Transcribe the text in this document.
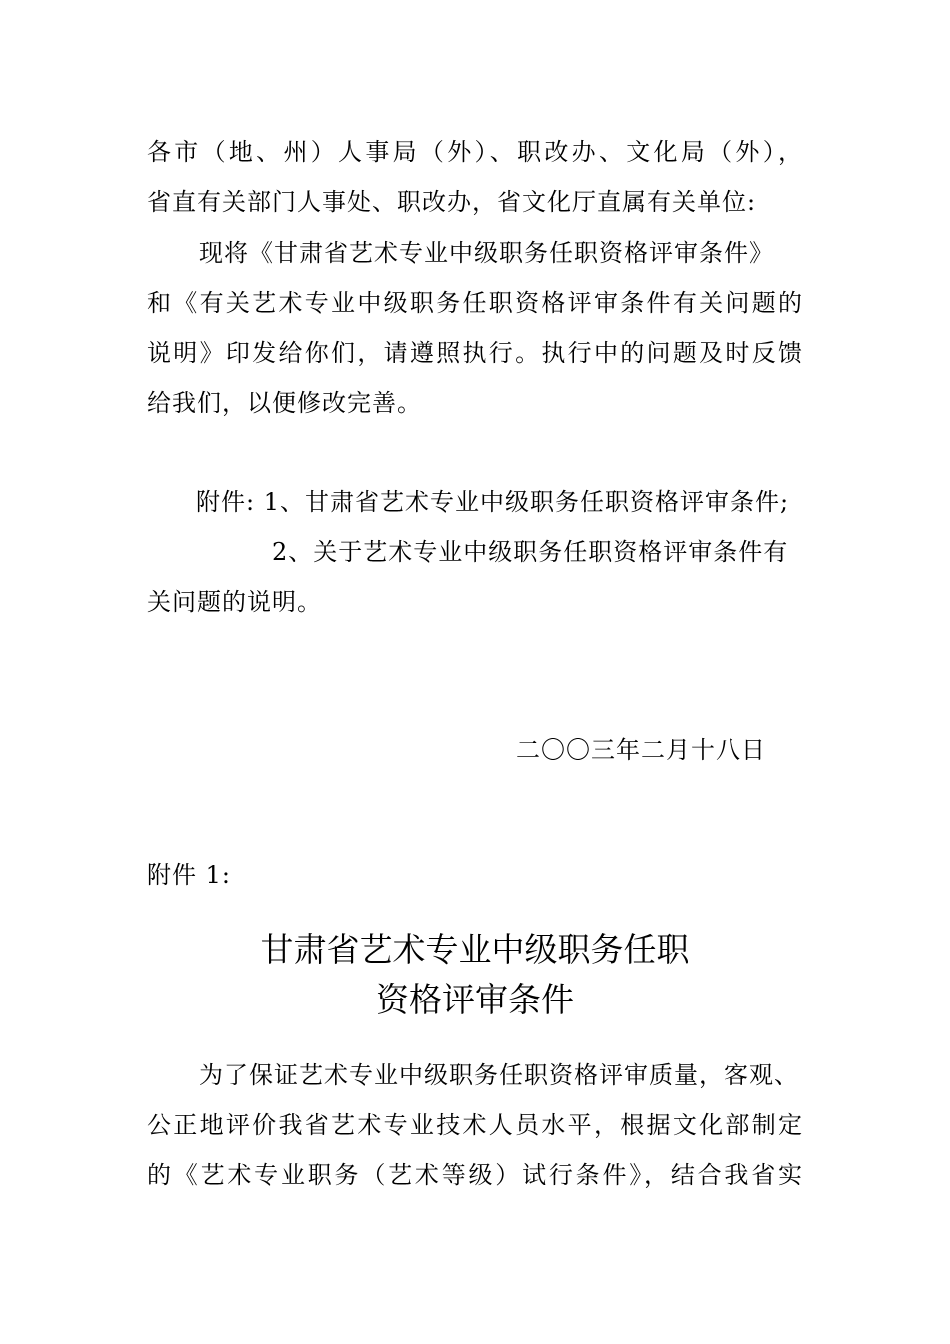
各市（地、州）人事局（外）、职改办、文化局（外），
省直有关部门人事处、职改办，省文化厅直属有关单位:
现将《甘肃省艺术专业中级职务任职资格评审条件》
和《有关艺术专业中级职务任职资格评审条件有关问题的
说明》印发给你们，请遵照执行。执行中的问题及时反馈
给我们，以便修改完善。
附件: 1、甘肃省艺术专业中级职务任职资格评审条件;
2、关于艺术专业中级职务任职资格评审条件有
关问题的说明。
二〇〇三年二月十八日
附件 1:
甘肃省艺术专业中级职务任职
资格评审条件
为了保证艺术专业中级职务任职资格评审质量，客观、
公正地评价我省艺术专业技术人员水平，根据文化部制定
的《艺术专业职务（艺术等级）试行条件》，结合我省实
